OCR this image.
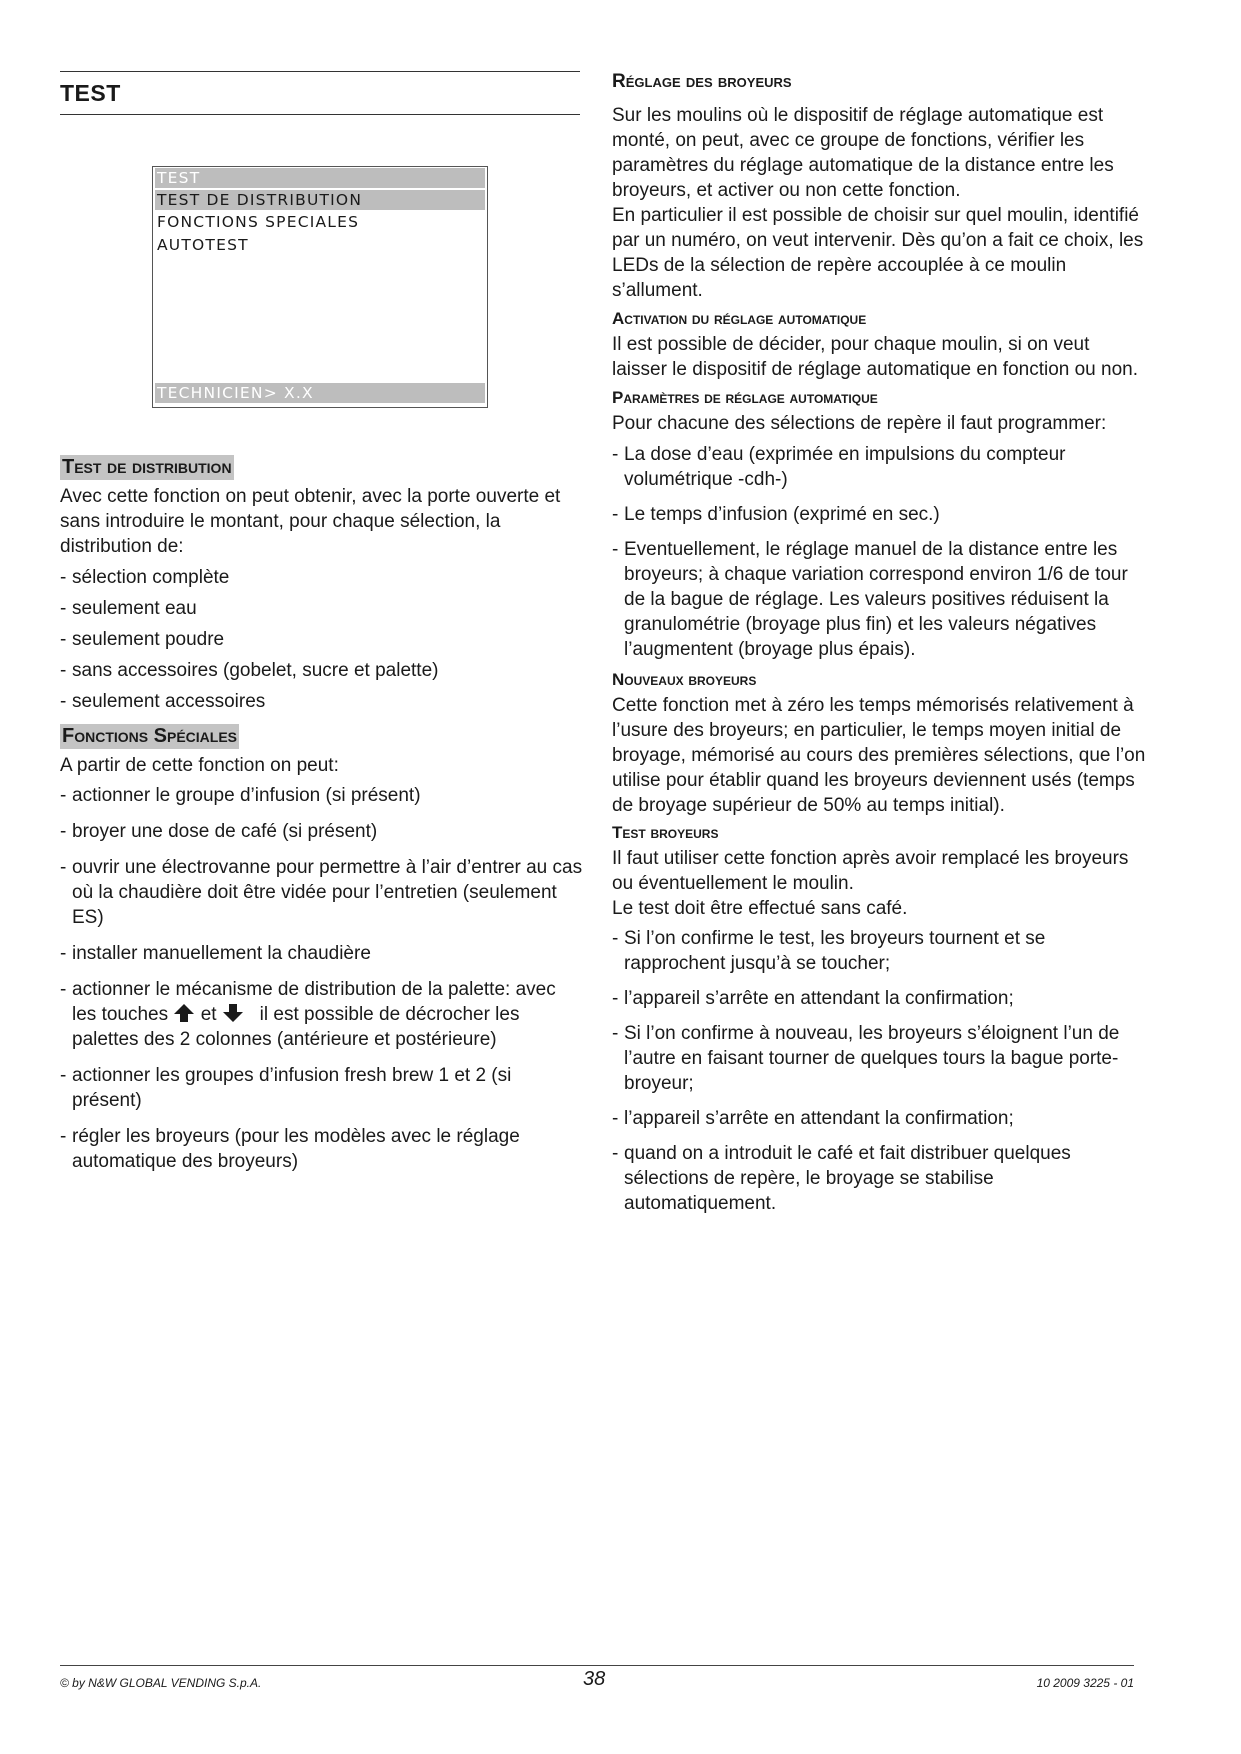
TEST
TEST
TEST DE DISTRIBUTION
FONCTIONS SPECIALES
AUTOTEST
TECHNICIEN> X.X
Test de distribution

Avec cette fonction on peut obtenir, avec la porte ouverte et sans introduire le montant, pour chaque sélection, la distribution de:

- sélection complète
- seulement eau
- seulement poudre
- sans accessoires (gobelet, sucre et palette)
- seulement accessoires
Fonctions Spéciales

A partir de cette fonction on peut:

- actionner le groupe d’infusion (si présent)
- broyer une dose de café (si présent)
- ouvrir une électrovanne pour permettre à l’air d’entrer au cas où la chaudière doit être vidée pour l’entretien (seulement ES)
- installer manuellement la chaudière
- actionner le mécanisme de distribution de la palette: avec les touches et il est possible de décrocher les palettes des 2 colonnes (antérieure et postérieure)
- actionner les groupes d’infusion fresh brew 1 et 2 (si présent)
- régler les broyeurs (pour les modèles avec le réglage automatique des broyeurs)
Réglage des broyeurs

Sur les moulins où le dispositif de réglage automatique est monté, on peut, avec ce groupe de fonctions, vérifier les paramètres du réglage automatique de la distance entre les broyeurs, et activer ou non cette fonction.

En particulier il est possible de choisir sur quel moulin, identifié par un numéro, on veut intervenir. Dès qu’on a fait ce choix, les LEDs de la sélection de repère accouplée à ce moulin s’allument.

Activation du réglage automatique

Il est possible de décider, pour chaque moulin, si on veut laisser le dispositif de réglage automatique en fonction ou non.

Paramètres de réglage automatique

Pour chacune des sélections de repère il faut programmer:

- La dose d’eau (exprimée en impulsions du compteur volumétrique -cdh-)
- Le temps d’infusion (exprimé en sec.)
- Eventuellement, le réglage manuel de la distance entre les broyeurs; à chaque variation correspond environ 1/6 de tour de la bague de réglage. Les valeurs positives réduisent la granulométrie (broyage plus fin) et les valeurs négatives l’augmentent (broyage plus épais).
Nouveaux broyeurs

Cette fonction met à zéro les temps mémorisés relativement à l’usure des broyeurs; en particulier, le temps moyen initial de broyage, mémorisé au cours des premières sélections, que l’on utilise pour établir quand les broyeurs deviennent usés (temps de broyage supérieur de 50% au temps initial).

Test broyeurs

Il faut utiliser cette fonction après avoir remplacé les broyeurs ou éventuellement le moulin.

Le test doit être effectué sans café.

- Si l’on confirme le test, les broyeurs tournent et se rapprochent jusqu’à se toucher;
- l’appareil s’arrête en attendant la confirmation;
- Si l’on confirme à nouveau, les broyeurs s’éloignent l’un de l’autre en faisant tourner de quelques tours la bague porte-broyeur;
- l’appareil s’arrête en attendant la confirmation;
- quand on a introduit le café et fait distribuer quelques sélections de repère, le broyage se stabilise automatiquement.
© by N&W GLOBAL VENDING S.p.A.	38	10 2009 3225 - 01
